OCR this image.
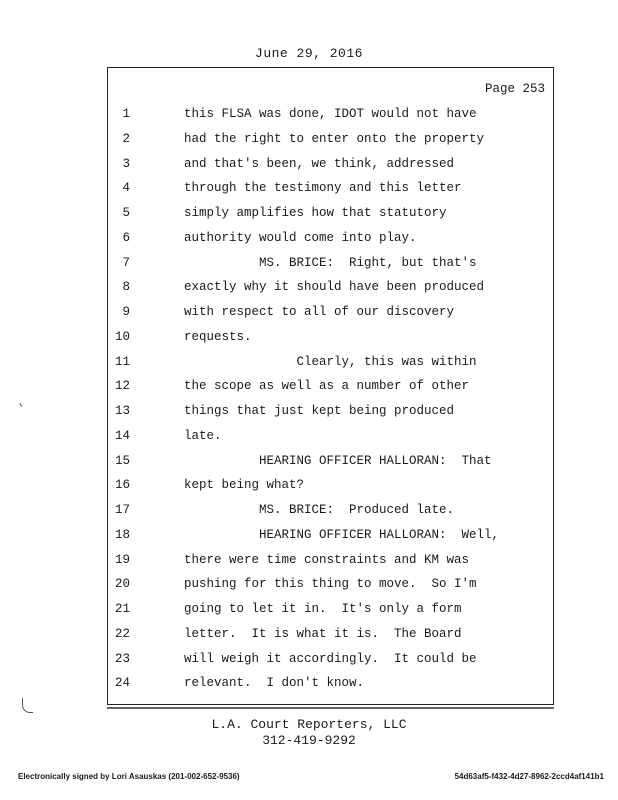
June 29, 2016
Page 253
1	this FLSA was done, IDOT would not have
2	had the right to enter onto the property
3	and that's been, we think, addressed
4	through the testimony and this letter
5	simply amplifies how that statutory
6	authority would come into play.
7	MS. BRICE:  Right, but that's
8	exactly why it should have been produced
9	with respect to all of our discovery
10	requests.
11	Clearly, this was within
12	the scope as well as a number of other
13	things that just kept being produced
14	late.
15	HEARING OFFICER HALLORAN:  That
16	kept being what?
17	MS. BRICE:  Produced late.
18	HEARING OFFICER HALLORAN:  Well,
19	there were time constraints and KM was
20	pushing for this thing to move.  So I'm
21	going to let it in.  It's only a form
22	letter.  It is what it is.  The Board
23	will weigh it accordingly.  It could be
24	relevant.  I don't know.
L.A. Court Reporters, LLC
312-419-9292
Electronically signed by Lori Asauskas (201-002-652-9536)	54d63af5-f432-4d27-8962-2ccd4af141b1
